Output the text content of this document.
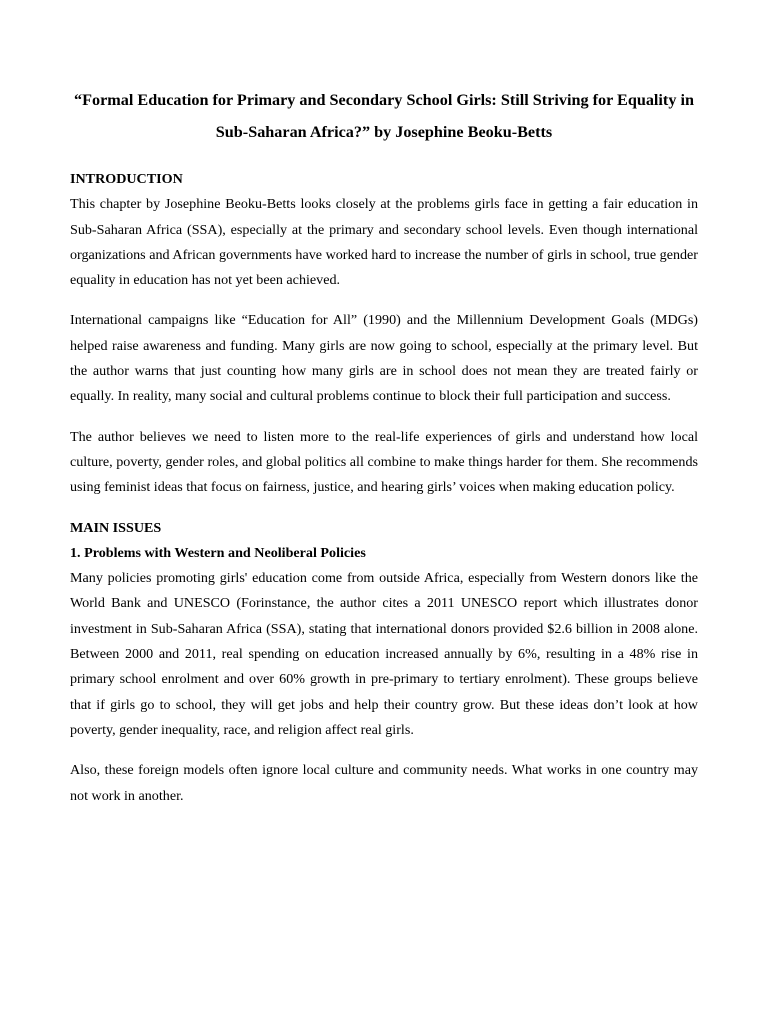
“Formal Education for Primary and Secondary School Girls: Still Striving for Equality in Sub-Saharan Africa?” by Josephine Beoku-Betts
INTRODUCTION

This chapter by Josephine Beoku-Betts looks closely at the problems girls face in getting a fair education in Sub-Saharan Africa (SSA), especially at the primary and secondary school levels. Even though international organizations and African governments have worked hard to increase the number of girls in school, true gender equality in education has not yet been achieved.

International campaigns like “Education for All” (1990) and the Millennium Development Goals (MDGs) helped raise awareness and funding. Many girls are now going to school, especially at the primary level. But the author warns that just counting how many girls are in school does not mean they are treated fairly or equally. In reality, many social and cultural problems continue to block their full participation and success.

The author believes we need to listen more to the real-life experiences of girls and understand how local culture, poverty, gender roles, and global politics all combine to make things harder for them. She recommends using feminist ideas that focus on fairness, justice, and hearing girls’ voices when making education policy.

MAIN ISSUES
1. Problems with Western and Neoliberal Policies

Many policies promoting girls' education come from outside Africa, especially from Western donors like the World Bank and UNESCO (Forinstance, the author cites a 2011 UNESCO report which illustrates donor investment in Sub-Saharan Africa (SSA), stating that international donors provided $2.6 billion in 2008 alone. Between 2000 and 2011, real spending on education increased annually by 6%, resulting in a 48% rise in primary school enrolment and over 60% growth in pre-primary to tertiary enrolment). These groups believe that if girls go to school, they will get jobs and help their country grow. But these ideas don’t look at how poverty, gender inequality, race, and religion affect real girls.

Also, these foreign models often ignore local culture and community needs. What works in one country may not work in another.
